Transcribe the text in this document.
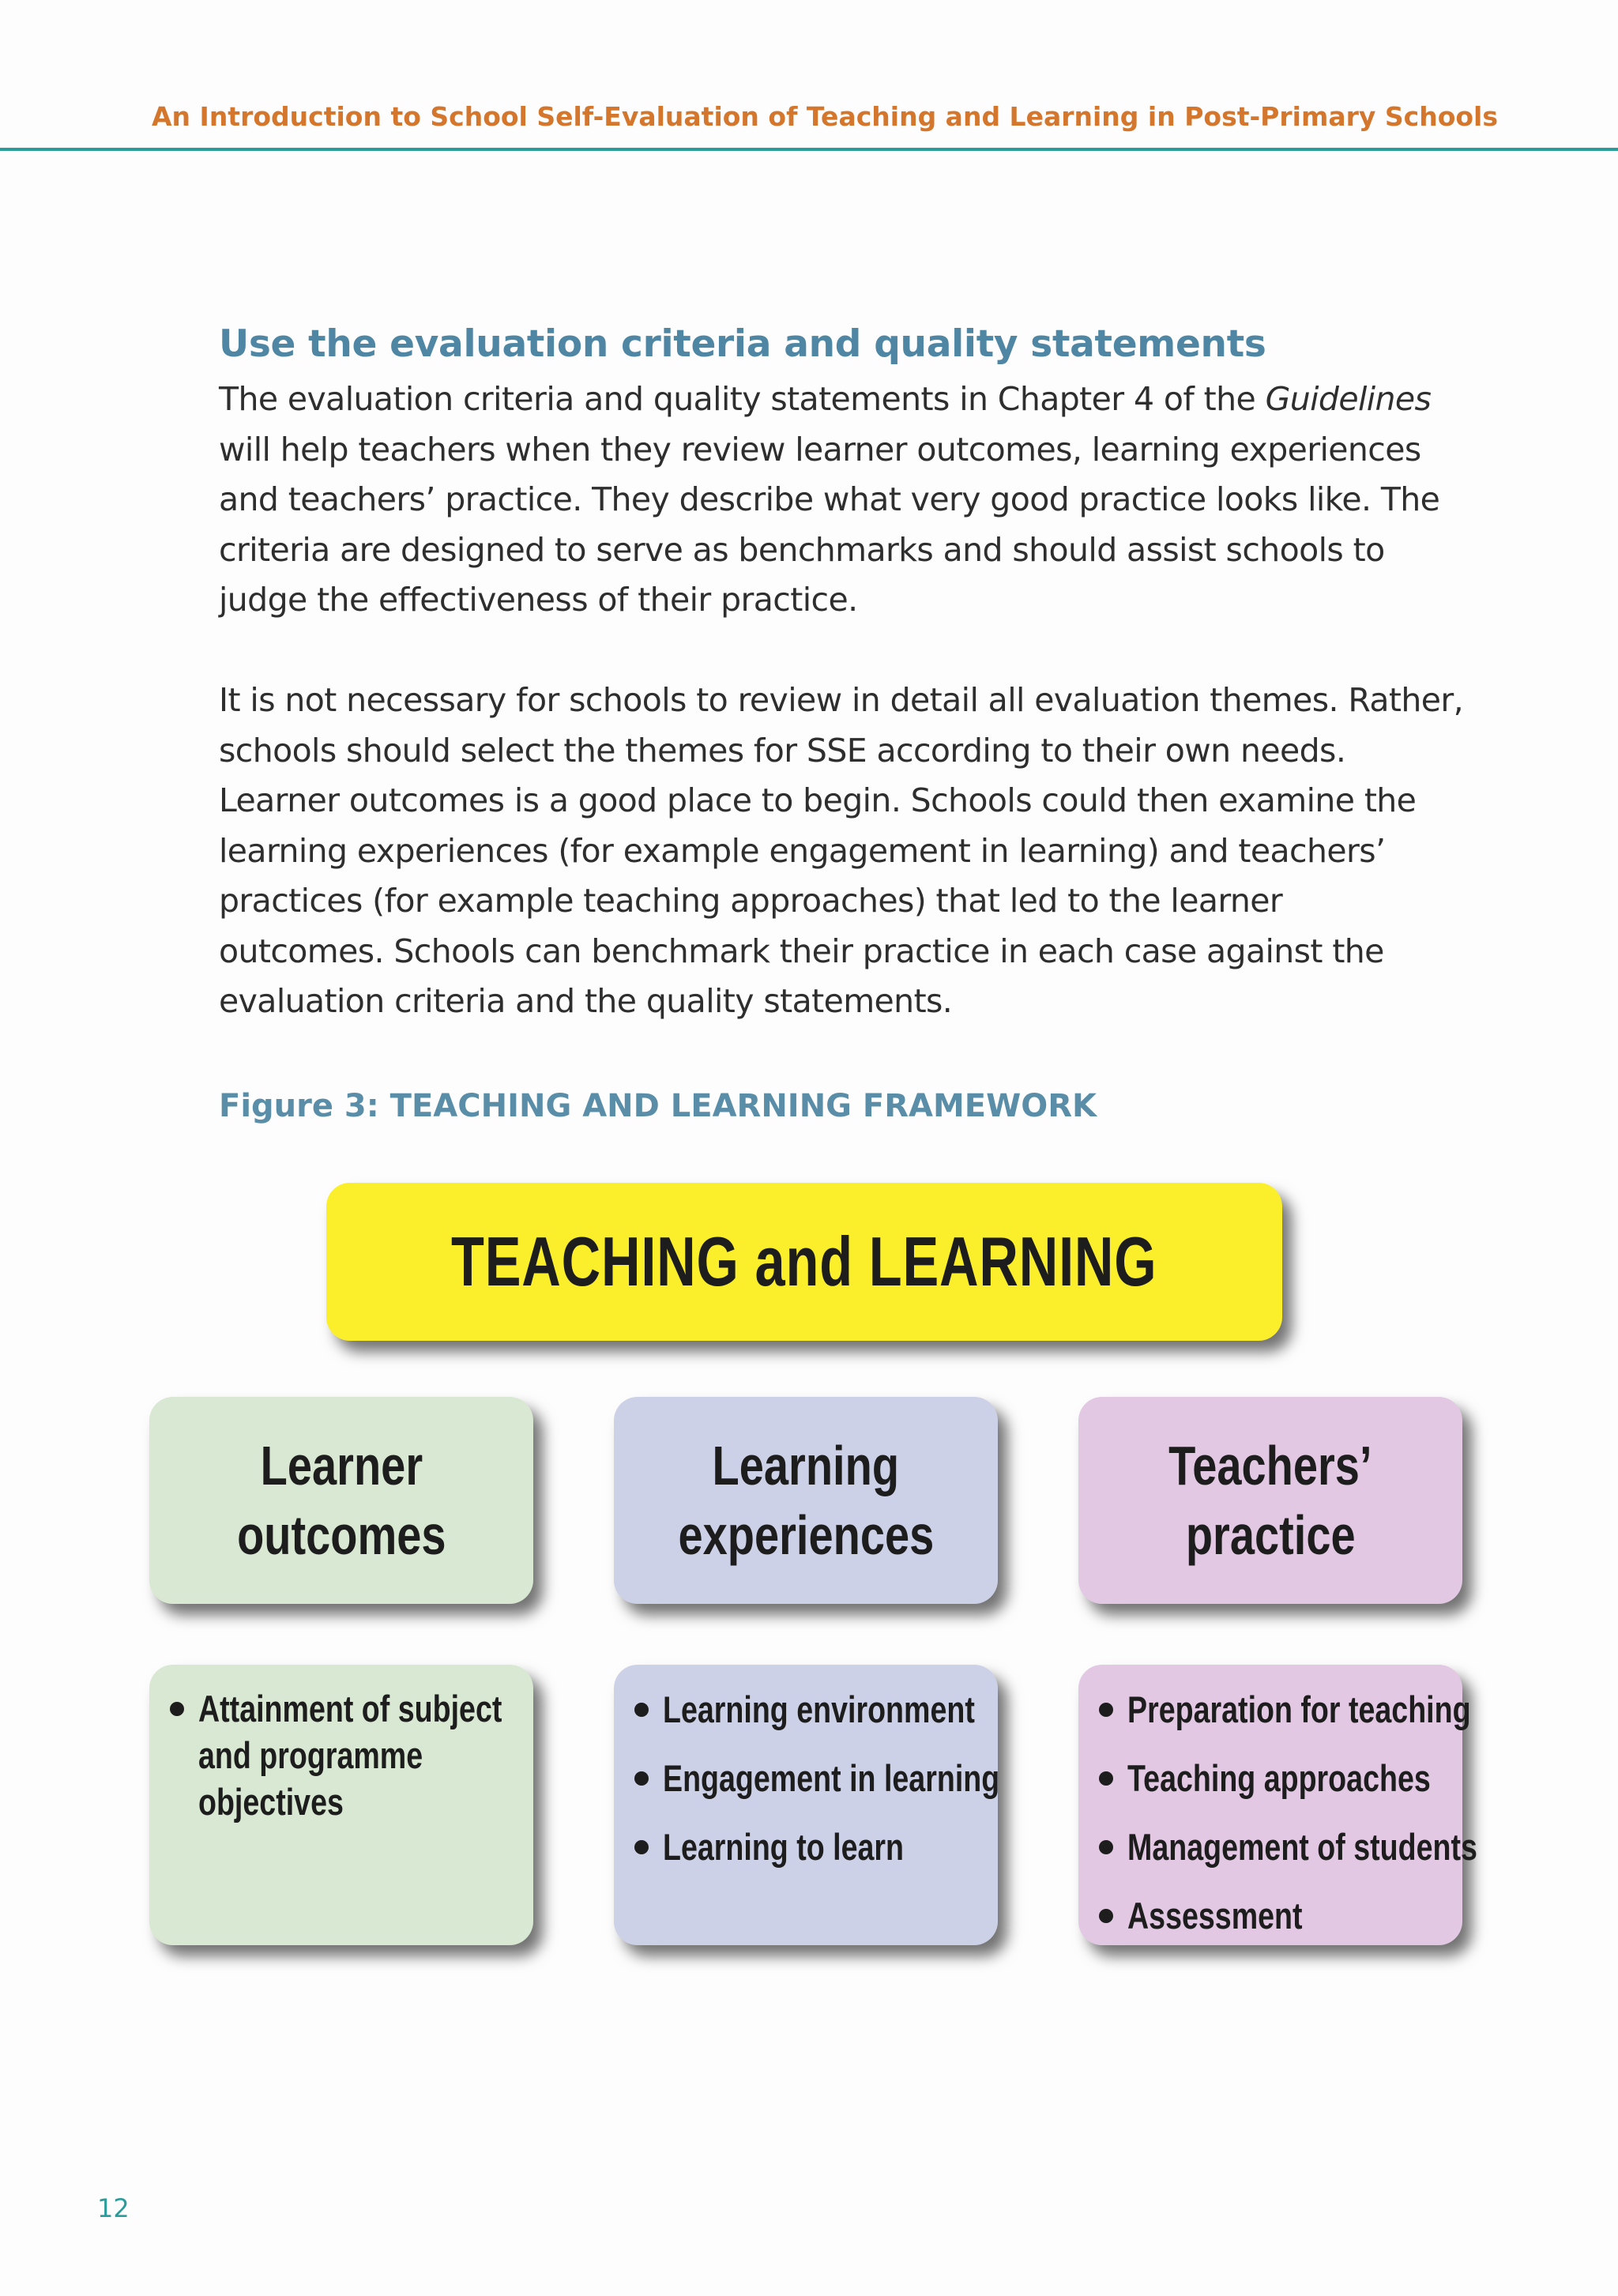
An Introduction to School Self-Evaluation of Teaching and Learning in Post-Primary Schools
Use the evaluation criteria and quality statements

The evaluation criteria and quality statements in Chapter 4 of the Guidelines
will help teachers when they review learner outcomes, learning experiences
and teachers’ practice. They describe what very good practice looks like. The
criteria are designed to serve as benchmarks and should assist schools to
judge the effectiveness of their practice.

It is not necessary for schools to review in detail all evaluation themes. Rather,
schools should select the themes for SSE according to their own needs.
Learner outcomes is a good place to begin. Schools could then examine the
learning experiences (for example engagement in learning) and teachers’
practices (for example teaching approaches) that led to the learner
outcomes. Schools can benchmark their practice in each case against the
evaluation criteria and the quality statements.

Figure 3: TEACHING AND LEARNING FRAMEWORK
TEACHING and LEARNING
Learner
outcomes
Learning
experiences
Teachers’
practice
Attainment of subject
and programme
objectives
Learning environment
Engagement in learning
Learning to learn
Preparation for teaching
Teaching approaches
Management of students
Assessment
12
